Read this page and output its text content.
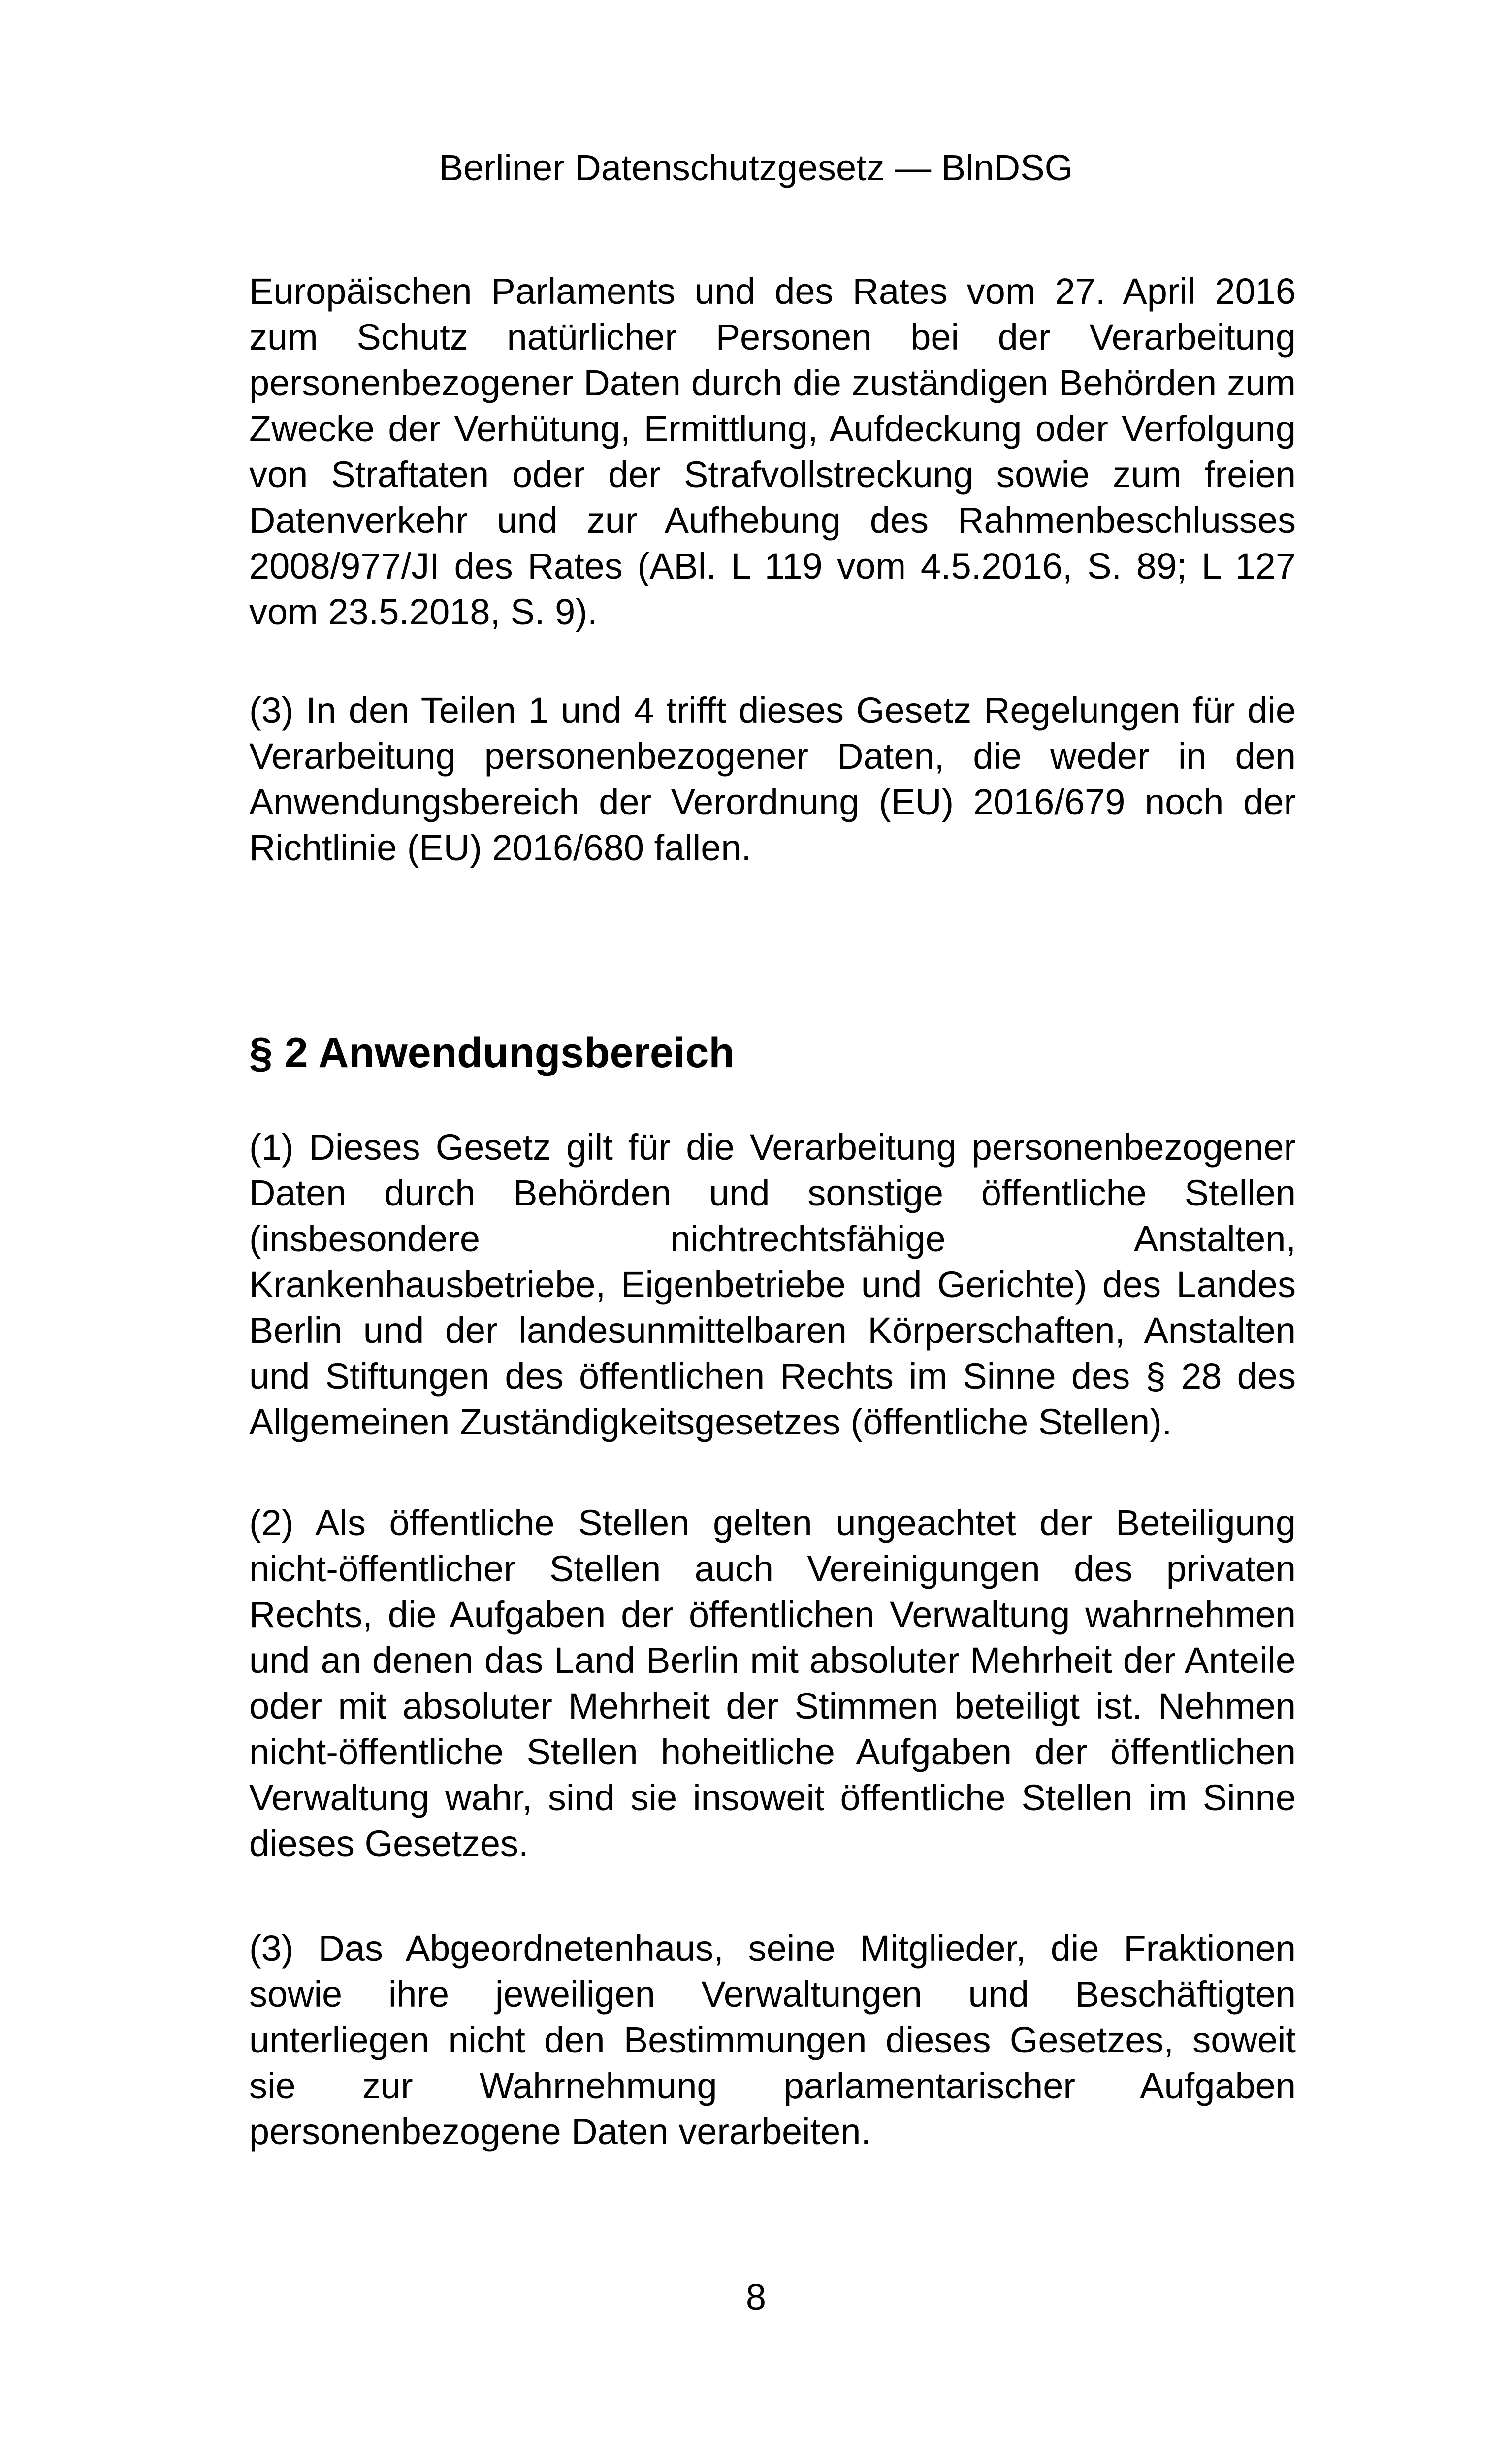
Berliner Datenschutzgesetz — BlnDSG

Europäischen Parlaments und des Rates vom 27. April 2016 zum Schutz natürlicher Personen bei der Verarbeitung personenbezogener Daten durch die zuständigen Behörden zum Zwecke der Verhütung, Ermittlung, Aufdeckung oder Verfolgung von Straftaten oder der Strafvollstreckung sowie zum freien Datenverkehr und zur Aufhebung des Rahmenbeschlusses 2008/977/JI des Rates (ABl. L 119 vom 4.5.2016, S. 89; L 127 vom 23.5.2018, S. 9).

(3) In den Teilen 1 und 4 trifft dieses Gesetz Regelungen für die Verarbeitung personenbezogener Daten, die weder in den Anwendungsbereich der Verordnung (EU) 2016/679 noch der Richtlinie (EU) 2016/680 fallen.

§ 2 Anwendungsbereich

(1) Dieses Gesetz gilt für die Verarbeitung personenbezogener Daten durch Behörden und sonstige öffentliche Stellen (insbesondere nichtrechtsfähige Anstalten, Krankenhausbetriebe, Eigenbetriebe und Gerichte) des Landes Berlin und der landesunmittelbaren Körperschaften, Anstalten und Stiftungen des öffentlichen Rechts im Sinne des § 28 des Allgemeinen Zuständigkeitsgesetzes (öffentliche Stellen).

(2) Als öffentliche Stellen gelten ungeachtet der Beteiligung nicht-öffentlicher Stellen auch Vereinigungen des privaten Rechts, die Aufgaben der öffentlichen Verwaltung wahrnehmen und an denen das Land Berlin mit absoluter Mehrheit der Anteile oder mit absoluter Mehrheit der Stimmen beteiligt ist. Nehmen nicht-öffentliche Stellen hoheitliche Aufgaben der öffentlichen Verwaltung wahr, sind sie insoweit öffentliche Stellen im Sinne dieses Gesetzes.

(3) Das Abgeordnetenhaus, seine Mitglieder, die Fraktionen sowie ihre jeweiligen Verwaltungen und Beschäftigten unterliegen nicht den Bestimmungen dieses Gesetzes, soweit sie zur Wahrnehmung parlamentarischer Aufgaben personenbezogene Daten verarbeiten.

8
